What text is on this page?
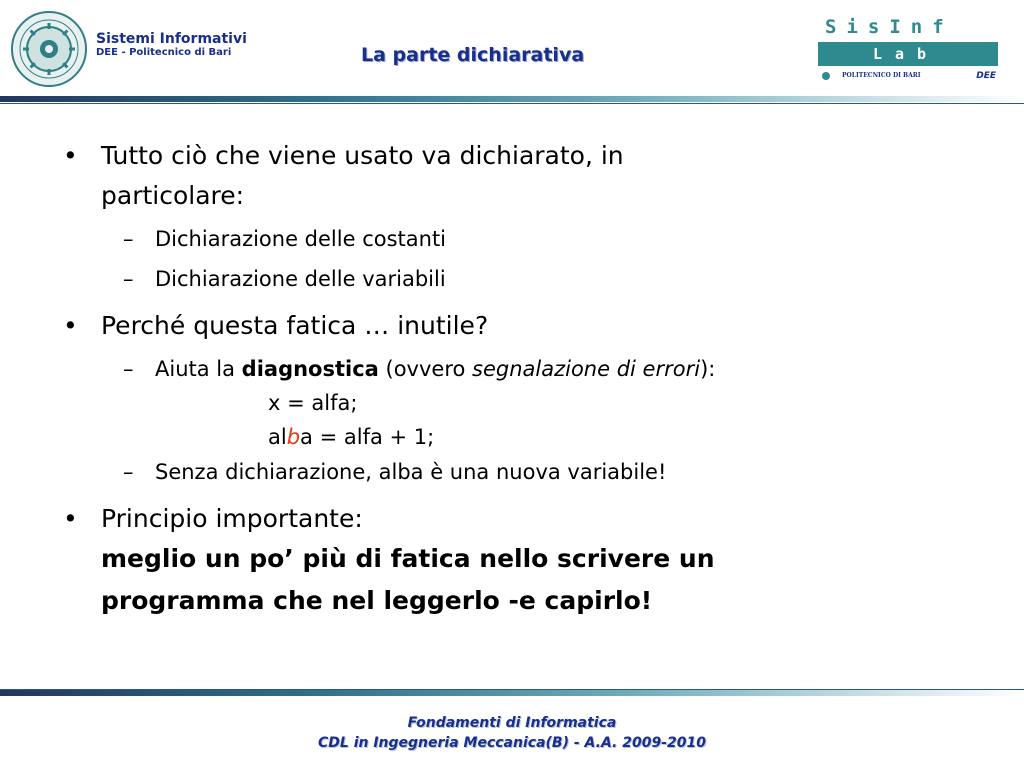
Sistemi Informativi
DEE - Politecnico di Bari	La parte dichiarativa
SisInf
Lab
POLITECNICO DI BARI	DEE
• Tutto ciò che viene usato va dichiarato, in
particolare:
– Dichiarazione delle costanti
– Dichiarazione delle variabili
• Perché questa fatica … inutile?
– Aiuta la diagnostica (ovvero segnalazione di errori):
x = alfa;
alba = alfa + 1;
– Senza dichiarazione, alba è una nuova variabile!
• Principio importante:
meglio un po’ più di fatica nello scrivere un
programma che nel leggerlo -e capirlo!
Fondamenti di Informatica
CDL in Ingegneria Meccanica(B) - A.A. 2009-2010
